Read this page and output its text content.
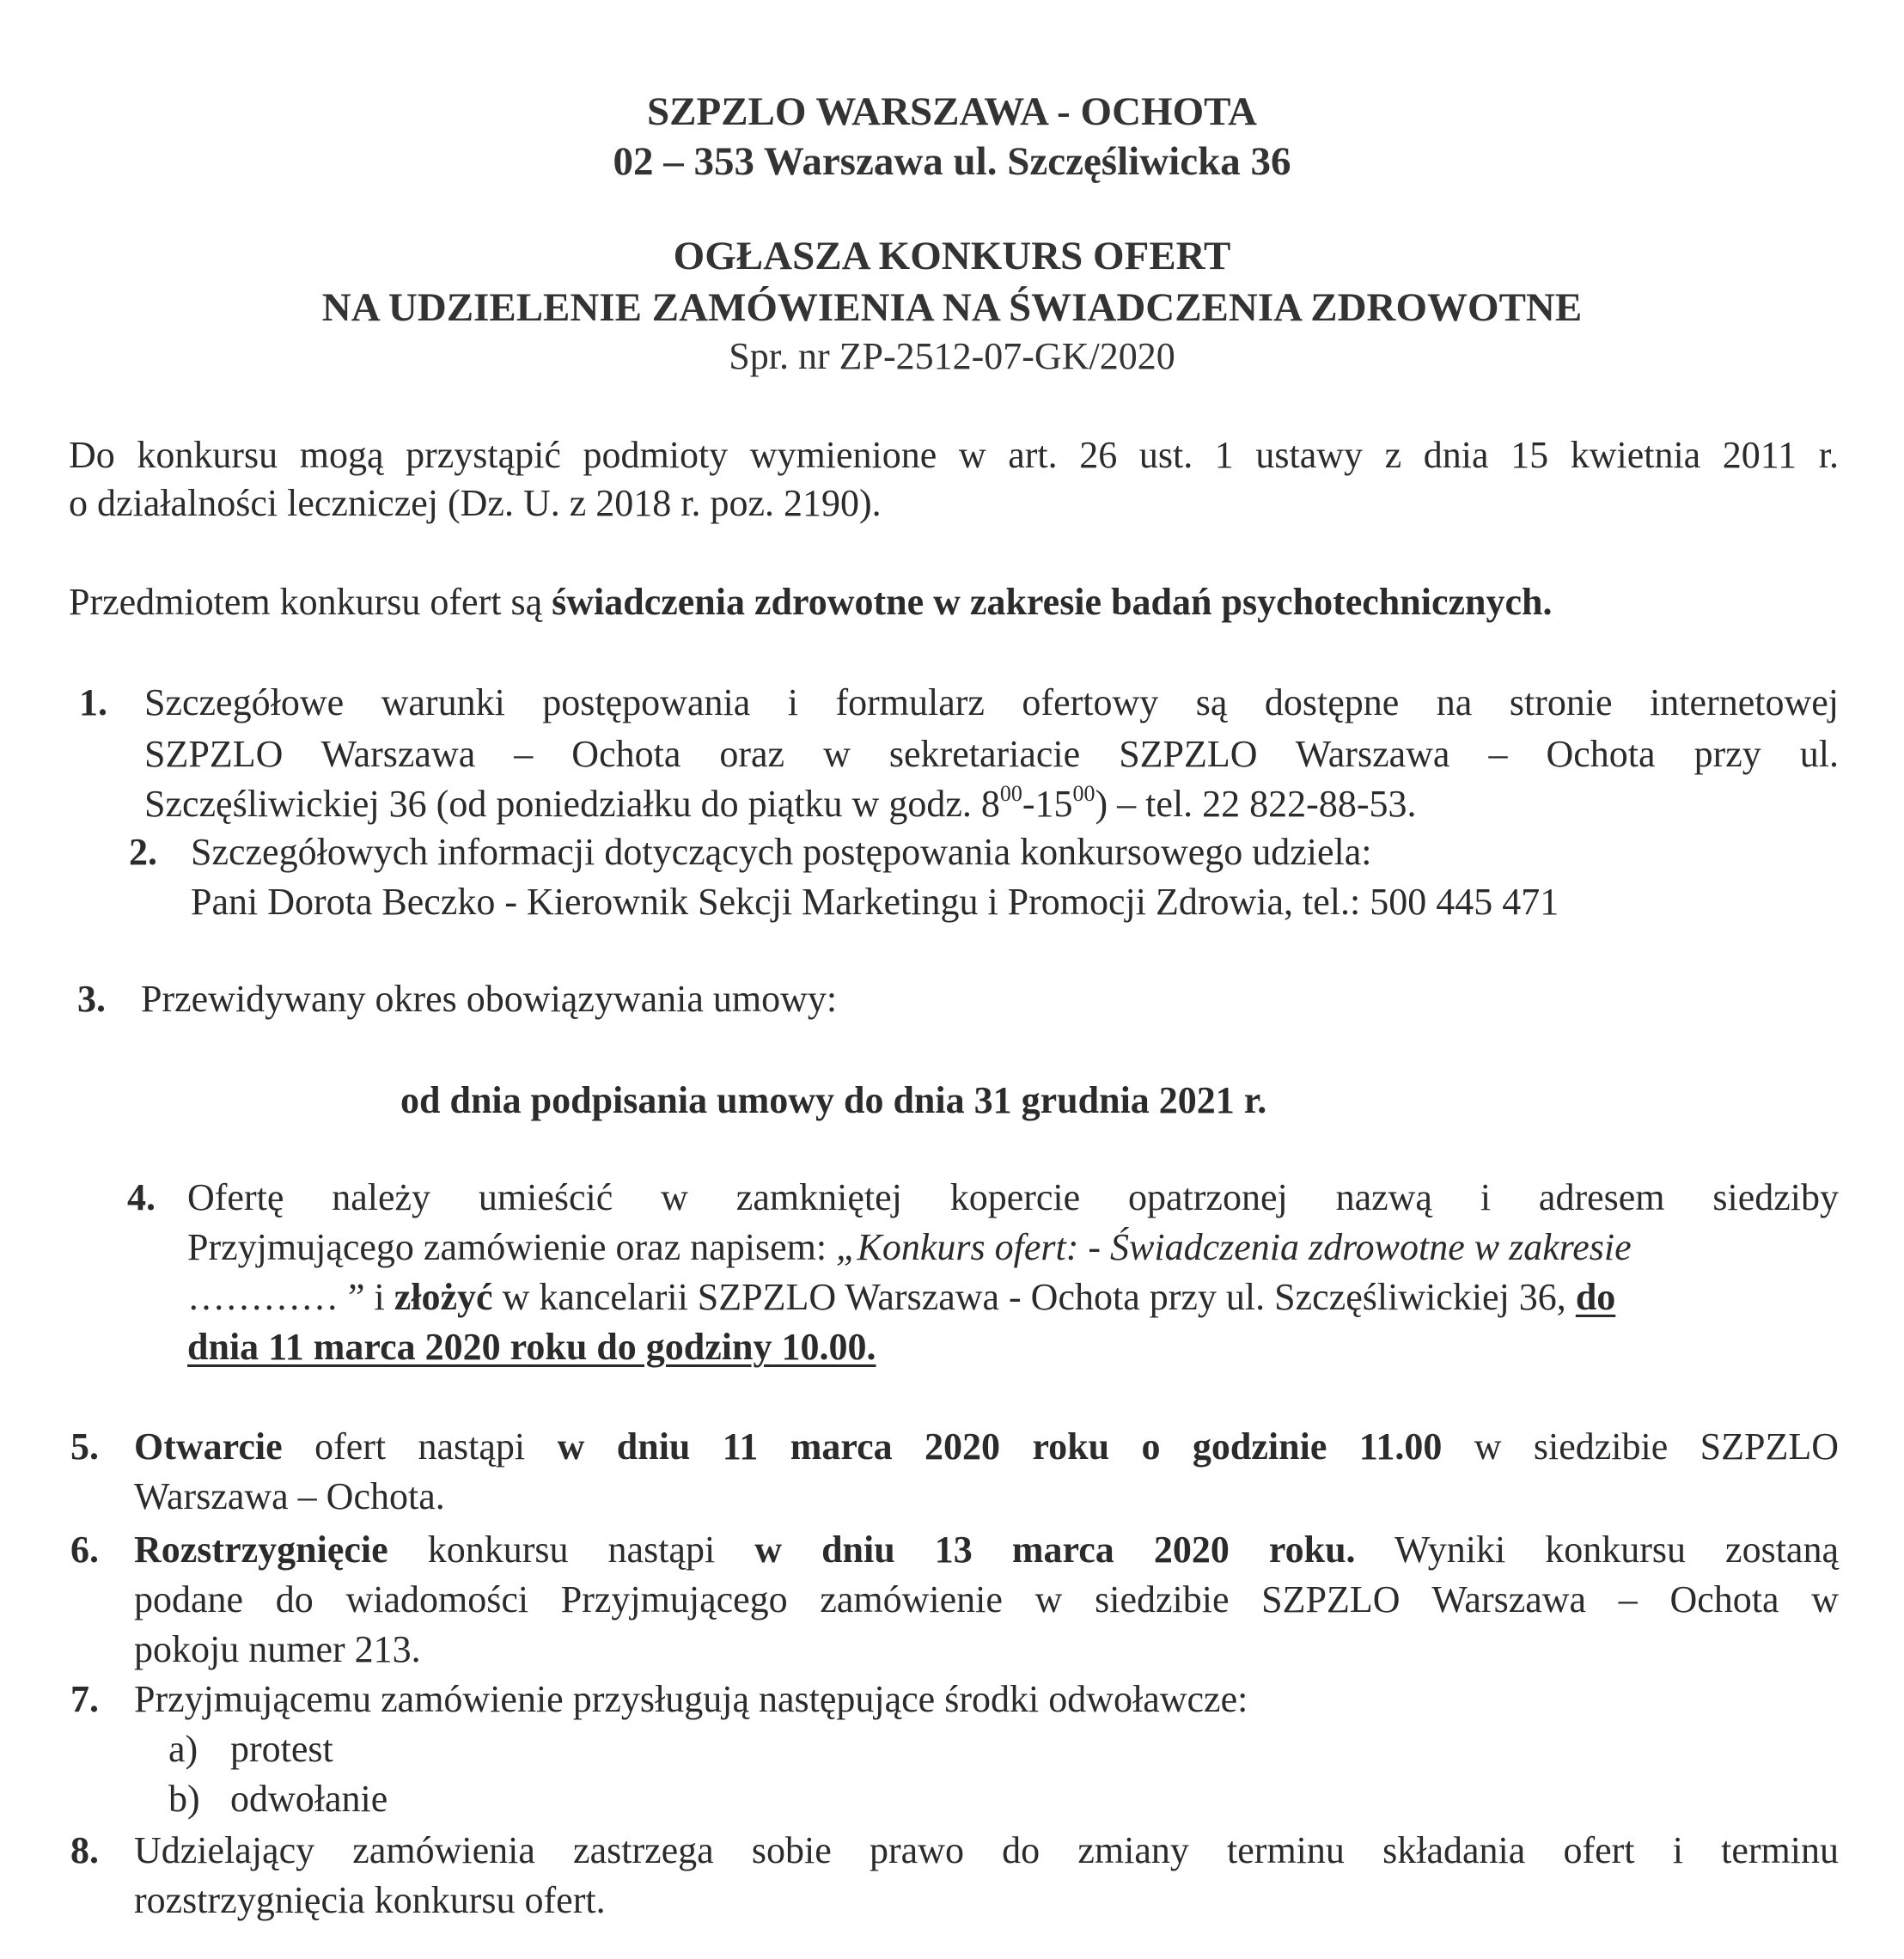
SZPZLO WARSZAWA - OCHOTA
02 – 353 Warszawa ul. Szczęśliwicka 36
OGŁASZA KONKURS OFERT
NA UDZIELENIE ZAMÓWIENIA NA ŚWIADCZENIA ZDROWOTNE
Spr. nr ZP-2512-07-GK/2020
Do konkursu mogą przystąpić podmioty wymienione w art. 26 ust. 1 ustawy z dnia 15 kwietnia 2011 r.
o działalności leczniczej (Dz. U. z 2018 r. poz. 2190).
Przedmiotem konkursu ofert są świadczenia zdrowotne w zakresie badań psychotechnicznych.
1. Szczegółowe warunki postępowania i formularz ofertowy są dostępne na stronie internetowej
SZPZLO Warszawa – Ochota oraz w sekretariacie SZPZLO Warszawa – Ochota przy ul.
Szczęśliwickiej 36 (od poniedziałku do piątku w godz. $8^{00}-15^{00}$) – tel. 22 822-88-53.
2. Szczegółowych informacji dotyczących postępowania konkursowego udziela:
Pani Dorota Beczko - Kierownik Sekcji Marketingu i Promocji Zdrowia, tel.: 500 445 471
3. Przewidywany okres obowiązywania umowy:
od dnia podpisania umowy do dnia 31 grudnia 2021 r.
4. Ofertę należy umieścić w zamkniętej kopercie opatrzonej nazwą i adresem siedziby
Przyjmującego zamówienie oraz napisem: „Konkurs ofert: - Świadczenia zdrowotne w zakresie
………… ” i złożyć w kancelarii SZPZLO Warszawa - Ochota przy ul. Szczęśliwickiej 36, do
dnia 11 marca 2020 roku do godziny 10.00.
5. Otwarcie ofert nastąpi w dniu 11 marca 2020 roku o godzinie 11.00 w siedzibie SZPZLO
Warszawa – Ochota.
6. Rozstrzygnięcie konkursu nastąpi w dniu 13 marca 2020 roku. Wyniki konkursu zostaną
podane do wiadomości Przyjmującego zamówienie w siedzibie SZPZLO Warszawa – Ochota w
pokoju numer 213.
7. Przyjmującemu zamówienie przysługują następujące środki odwoławcze:
a) protest
b) odwołanie
8. Udzielający zamówienia zastrzega sobie prawo do zmiany terminu składania ofert i terminu
rozstrzygnięcia konkursu ofert.
